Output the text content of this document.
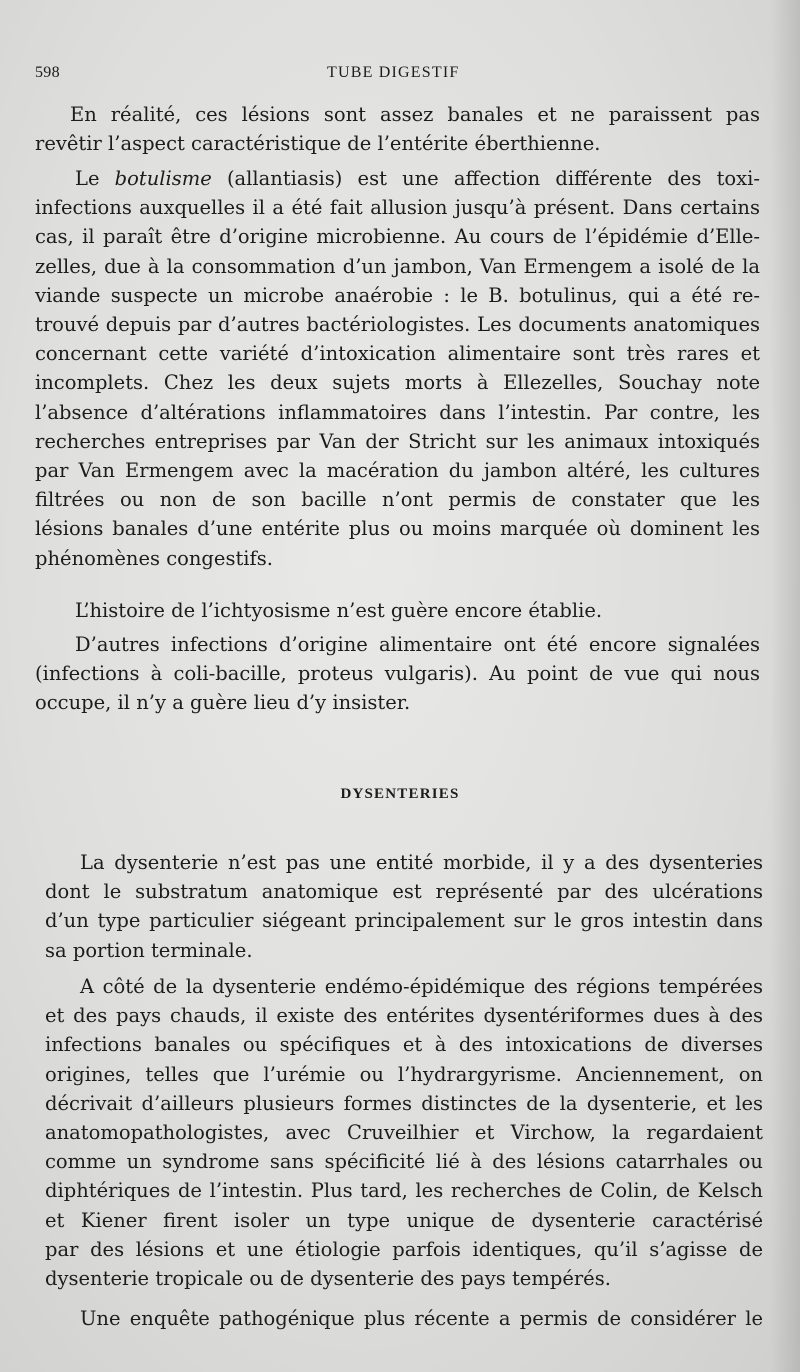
598	TUBE DIGESTIF
En réalité, ces lésions sont assez banales et ne paraissent pas
revêtir l’aspect caractéristique de l’entérite éberthienne.
Le botulisme (allantiasis) est une affection différente des toxi-
infections auxquelles il a été fait allusion jusqu’à présent. Dans certains
cas, il paraît être d’origine microbienne. Au cours de l’épidémie d’Elle-
zelles, due à la consommation d’un jambon, Van Ermengem a isolé de la
viande suspecte un microbe anaérobie : le B. botulinus, qui a été re-
trouvé depuis par d’autres bactériologistes. Les documents anatomiques
concernant cette variété d’intoxication alimentaire sont très rares et
incomplets. Chez les deux sujets morts à Ellezelles, Souchay note
l’absence d’altérations inflammatoires dans l’intestin. Par contre, les
recherches entreprises par Van der Stricht sur les animaux intoxiqués
par Van Ermengem avec la macération du jambon altéré, les cultures
filtrées ou non de son bacille n’ont permis de constater que les
lésions banales d’une entérite plus ou moins marquée où dominent les
phénomènes congestifs.
L’histoire de l’ichtyosisme n’est guère encore établie.
D’autres infections d’origine alimentaire ont été encore signalées
(infections à coli-bacille, proteus vulgaris). Au point de vue qui nous
occupe, il n’y a guère lieu d’y insister.
DYSENTERIES
La dysenterie n’est pas une entité morbide, il y a des dysenteries
dont le substratum anatomique est représenté par des ulcérations
d’un type particulier siégeant principalement sur le gros intestin dans
sa portion terminale.
A côté de la dysenterie endémo-épidémique des régions tempérées
et des pays chauds, il existe des entérites dysentériformes dues à des
infections banales ou spécifiques et à des intoxications de diverses
origines, telles que l’urémie ou l’hydrargyrisme. Anciennement, on
décrivait d’ailleurs plusieurs formes distinctes de la dysenterie, et les
anatomopathologistes, avec Cruveilhier et Virchow, la regardaient
comme un syndrome sans spécificité lié à des lésions catarrhales ou
diphtériques de l’intestin. Plus tard, les recherches de Colin, de Kelsch
et Kiener firent isoler un type unique de dysenterie caractérisé
par des lésions et une étiologie parfois identiques, qu’il s’agisse de
dysenterie tropicale ou de dysenterie des pays tempérés.
Une enquête pathogénique plus récente a permis de considérer le
